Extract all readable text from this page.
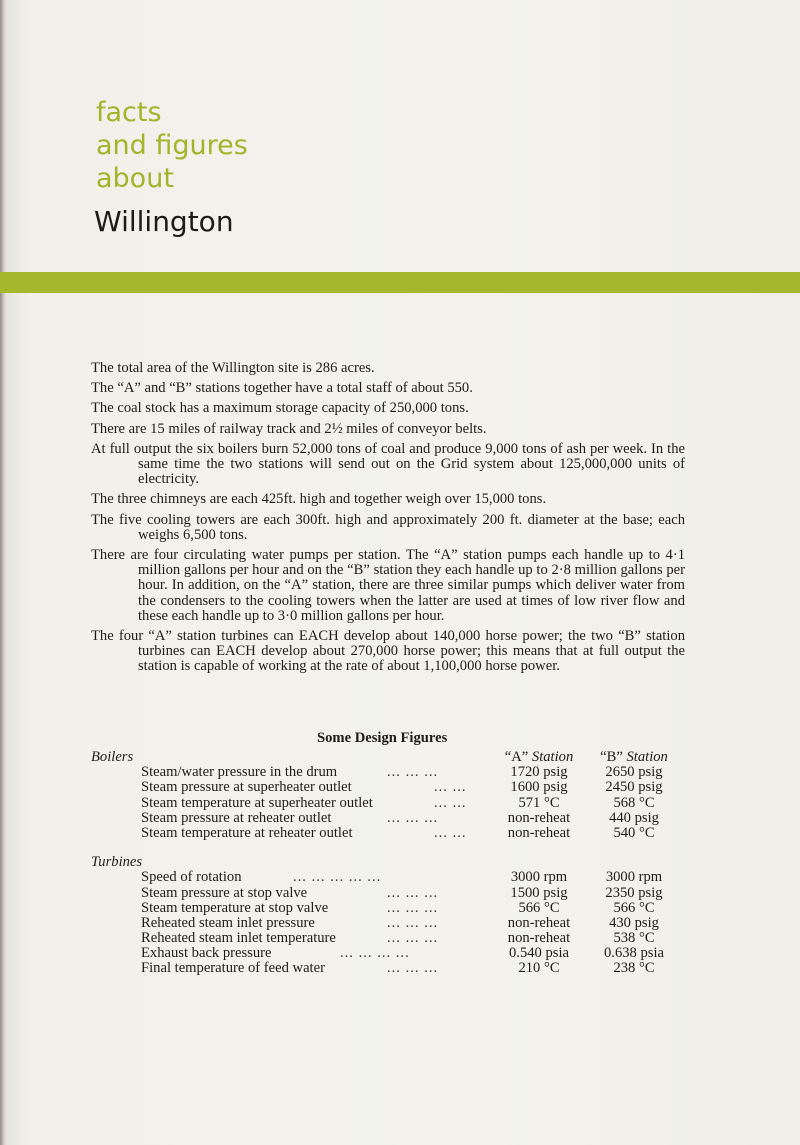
facts
and figures
about
Willington

The total area of the Willington site is 286 acres.

The “A” and “B” stations together have a total staff of about 550.

The coal stock has a maximum storage capacity of 250,000 tons.

There are 15 miles of railway track and 2½ miles of conveyor belts.

At full output the six boilers burn 52,000 tons of coal and produce 9,000 tons of ash per week. In the same time the two stations will send out on the Grid system about 125,000,000 units of electricity.

The three chimneys are each 425ft. high and together weigh over 15,000 tons.

The five cooling towers are each 300ft. high and approximately 200 ft. diameter at the base; each weighs 6,500 tons.

There are four circulating water pumps per station. The “A” station pumps each handle up to 4·1 million gallons per hour and on the “B” station they each handle up to 2·8 million gallons per hour. In addition, on the “A” station, there are three similar pumps which deliver water from the condensers to the cooling towers when the latter are used at times of low river flow and these each handle up to 3·0 million gallons per hour.

The four “A” station turbines can EACH develop about 140,000 horse power; the two “B” station turbines can EACH develop about 270,000 horse power; this means that at full output the station is capable of working at the rate of about 1,100,000 horse power.

Some Design Figures
Boilers	“A” Station	“B” Station
Steam/water pressure in the drum	... ... ...	1720 psig	2650 psig
Steam pressure at superheater outlet	... ...	1600 psig	2450 psig
Steam temperature at superheater outlet	... ...	571 °C	568 °C
Steam pressure at reheater outlet	... ... ...	non-reheat	440 psig
Steam temperature at reheater outlet	... ...	non-reheat	540 °C
Turbines
Speed of rotation	... ... ... ... ...	3000 rpm	3000 rpm
Steam pressure at stop valve	... ... ...	1500 psig	2350 psig
Steam temperature at stop valve	... ... ...	566 °C	566 °C
Reheated steam inlet pressure	... ... ...	non-reheat	430 psig
Reheated steam inlet temperature	... ... ...	non-reheat	538 °C
Exhaust back pressure	... ... ... ...	0.540 psia	0.638 psia
Final temperature of feed water	... ... ...	210 °C	238 °C
